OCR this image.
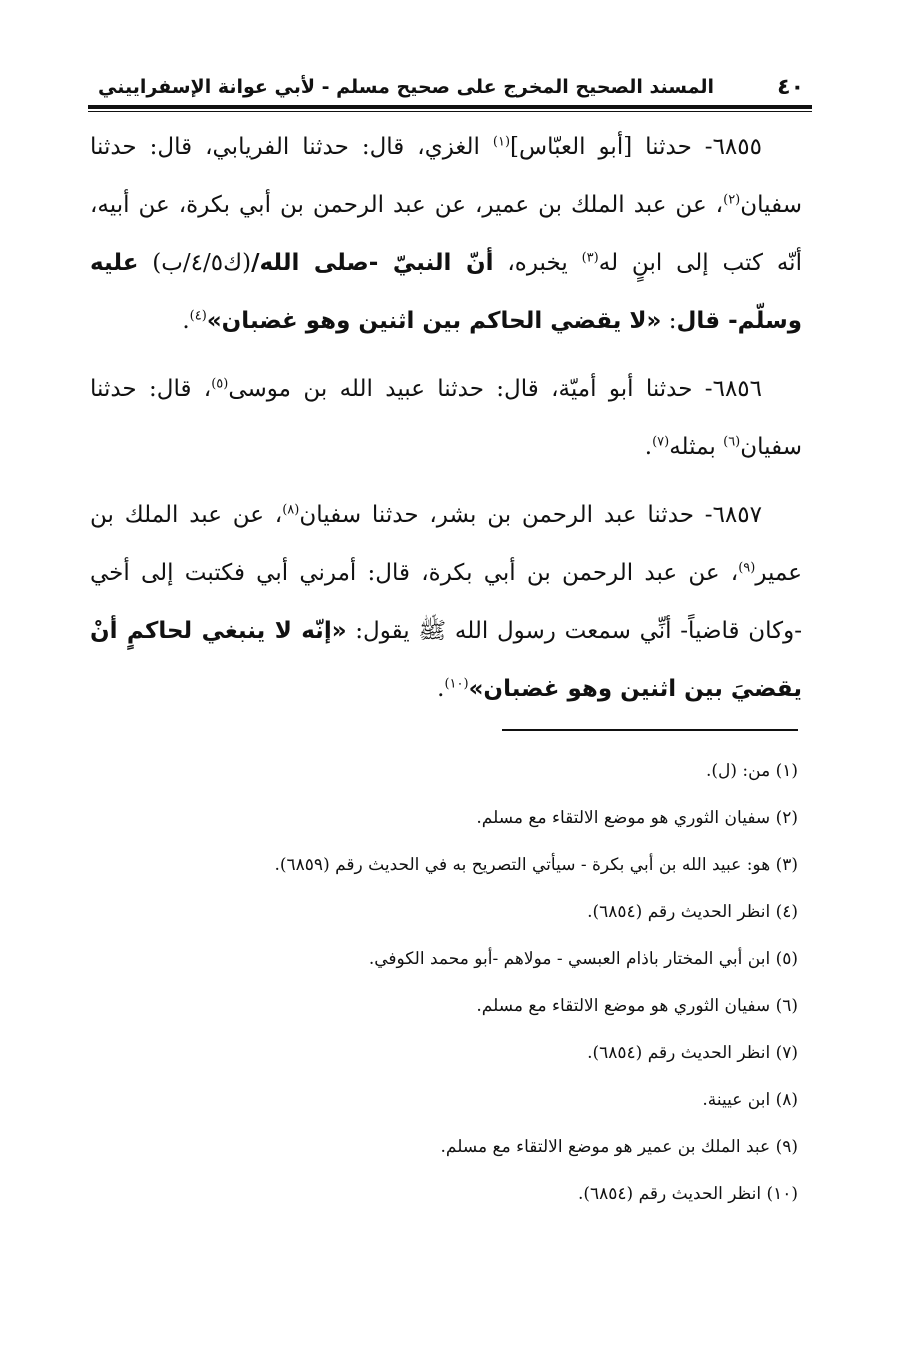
٤٠
المسند الصحيح المخرج على صحيح مسلم - لأبي عوانة الإسفراييني

٦٨٥٥- حدثنا [أبو العبّاس]$^{(١)}$ الغزي، قال: حدثنا الفريابي، قال: حدثنا سفيان$^{(٢)}$، عن عبد الملك بن عمير، عن عبد الرحمن بن أبي بكرة، عن أبيه، أنّه كتب إلى ابنٍ له$^{(٣)}$ يخبره، أنّ النبيّ -صلى الله/(ك٤/٥/ب) عليه وسلّم- قال: «لا يقضي الحاكم بين اثنين وهو غضبان»$^{(٤)}$.

٦٨٥٦- حدثنا أبو أميّة، قال: حدثنا عبيد الله بن موسى$^{(٥)}$، قال: حدثنا سفيان$^{(٦)}$ بمثله$^{(٧)}$.

٦٨٥٧- حدثنا عبد الرحمن بن بشر، حدثنا سفيان$^{(٨)}$، عن عبد الملك بن عمير$^{(٩)}$، عن عبد الرحمن بن أبي بكرة، قال: أمرني أبي فكتبت إلى أخي -وكان قاضياً- أنِّي سمعت رسول الله ﷺ يقول: «إنّه لا ينبغي لحاكمٍ أنْ يقضيَ بين اثنين وهو غضبان»$^{(١٠)}$.

(١) من: (ل).
(٢) سفيان الثوري هو موضع الالتقاء مع مسلم.
(٣) هو: عبيد الله بن أبي بكرة - سيأتي التصريح به في الحديث رقم (٦٨٥٩).
(٤) انظر الحديث رقم (٦٨٥٤).
(٥) ابن أبي المختار باذام العبسي - مولاهم -أبو محمد الكوفي.
(٦) سفيان الثوري هو موضع الالتقاء مع مسلم.
(٧) انظر الحديث رقم (٦٨٥٤).
(٨) ابن عيينة.
(٩) عبد الملك بن عمير هو موضع الالتقاء مع مسلم.
(١٠) انظر الحديث رقم (٦٨٥٤).
